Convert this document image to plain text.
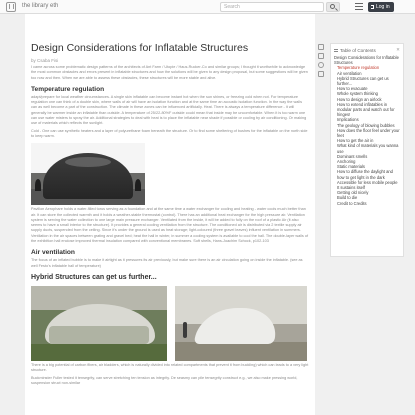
the library eth	Search	Log in
Design Considerations for Inflatable Structures
by Csaba Fisi

I came across some problematic design patterns of the architects of Ant Farm / Utopie / Haus-Rucker-Co and similar groups; I thought it worthwhile to acknowledge the most common obstacles and errors present in inflatable structures and how the solutions will be given to any design proposal, but some suggestions will be given too now and then. When we are able to assess these obstacles, these structures will be more stable and alive.

Temperature regulation

adapt/prepare for local weather circumstances. A single skin inflatable can become instant hot when the sun shines, or freezing cold when not. For temperature regulation one can think of a double skin, where walls of air will have an isolation function and at the same time an acoustic isolation function. In the way the walls can as well become a part of the construction. The climate in these zones can be influenced artificially. Heat. There is always a temperature difference - it will generally be warmer inside an inflatable than outside. A temperature of 25/22-80%F outside could mean that inside may be uncomfortable. When it is too warm one can use water misters to spray the air. Additional strategies to deal with heat is to place the inflatable near shade if possible or cooling by air conditioning. Or making use of materials which reflects the sunlight.

Cold - One can use synthetic heaters and a layer of polyurethane foam beneath the structure. Or to find some sheltering of bushes for the inflatable on the north side to keep warm.

Pavillon Aerophare holds a water-filled torus serving as a foundation and at the same time a water exchanger for cooling and heating - water cools much better than air. It can store the collected warmth and it holds a weather-stable thermostat (control). There has an additional heat exchanger for the high pressure air. Ventilation system is serving the water collection to one large main pressure exchanger. Ventilated from the inside, it will be added to fully on the roof of a plastic Air (it also seems to have a small interior to the structure). It provides a general cooling ventilation from the structure. The conditioned air is distributed via 2 textile supply air supply ducts, suspended from the ceiling. Since it's under the ground is used as heat storage; light-coloured (three gravel leaves) influent ventilation in summers. Ventilation in the air spaces between grating and gravel bed; heat the hall in winter, in summer a cooling system is available to cool the hall. The double-layer walls of the exhibition hall enclose improved thermal insulation compared with conventional membranes. Soft shells, Hans-Joachim Schock, p102-103

Air ventilation

The focus of an inflated bubble is to make it airtight as it pressures its air previously, but make sure there is an air circulation going on inside the inflatable. (see as well Festo's inflatable hall of temperature)

Hybrid Structures can get us further...

There is a big potential of carbon fibers, air bladders, which is naturally divided into related compartments that prevent it from buckling) which can leads to a very light structure.

Buckminster Fuller tested it tensegrity, can serve stretching ten tension as integrity. De seasmy can pile tensegrity construct e.g., we also make pressing world, suspension struct non-similar

Table of Contents	✕
Design Considerations for Inflatable Structures
Temperature regulation
Air ventilation
Hybrid Structures can get us further...
How to evacuate
Whole system thinking
How to design an airlock
How to extend inflatables in modular parts and watch out for hinges!
Implications
The geology of blowing bubbles
How does the floor feel under your feet
How to get the air in
What kind of materials you wanna use
Dominant smells
Anchoring
Static materials
How to diffuse the daylight and how to get light in the dark
Accessible for less mobile people
It sustains itself
Getting old nicely
Build to die
Credit to Credits
